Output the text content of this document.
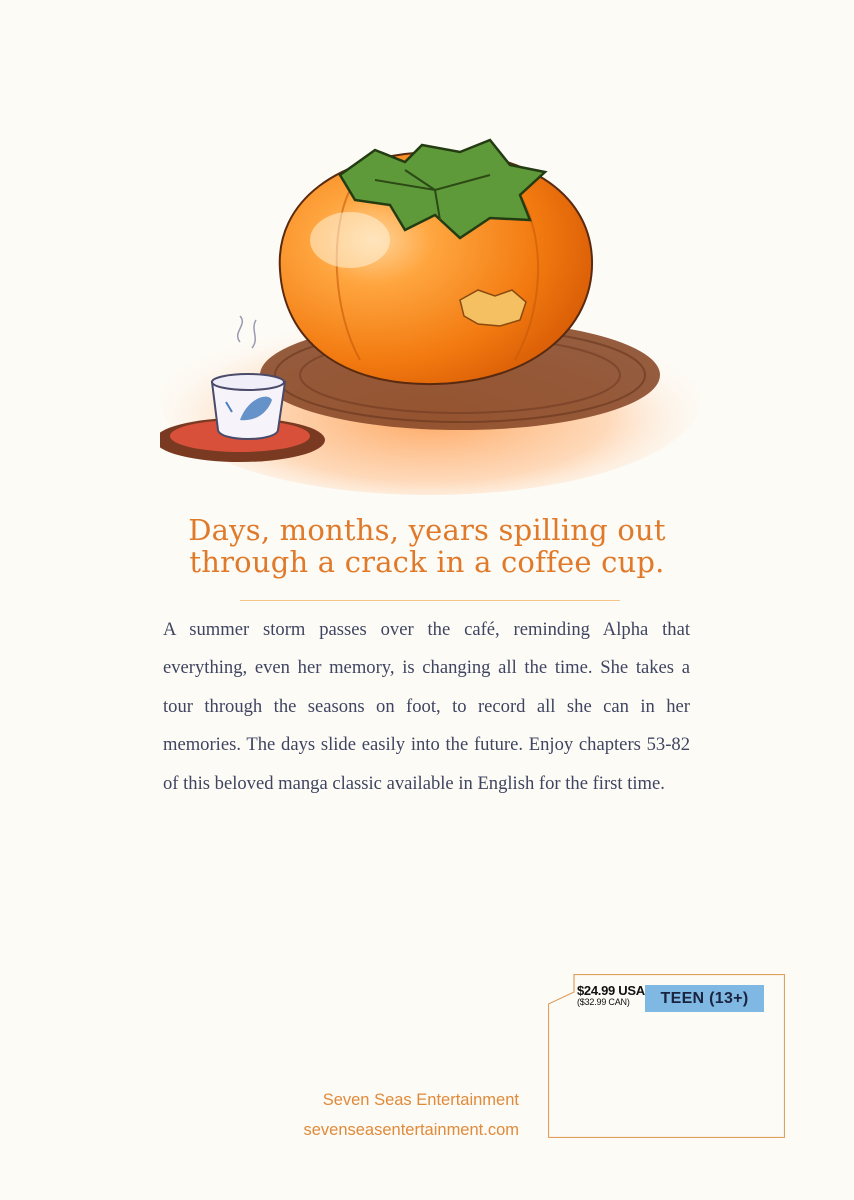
Days, months, years spilling out
through a crack in a coffee cup.
A summer storm passes over the café, reminding Alpha that everything, even her memory, is changing all the time. She takes a tour through the seasons on foot, to record all she can in her memories. The days slide easily into the future. Enjoy chapters 53-82 of this beloved manga classic available in English for the first time.
Seven Seas Entertainment
sevenseasentertainment.com
$24.99 USA
($32.99 CAN)	TEEN (13+)
